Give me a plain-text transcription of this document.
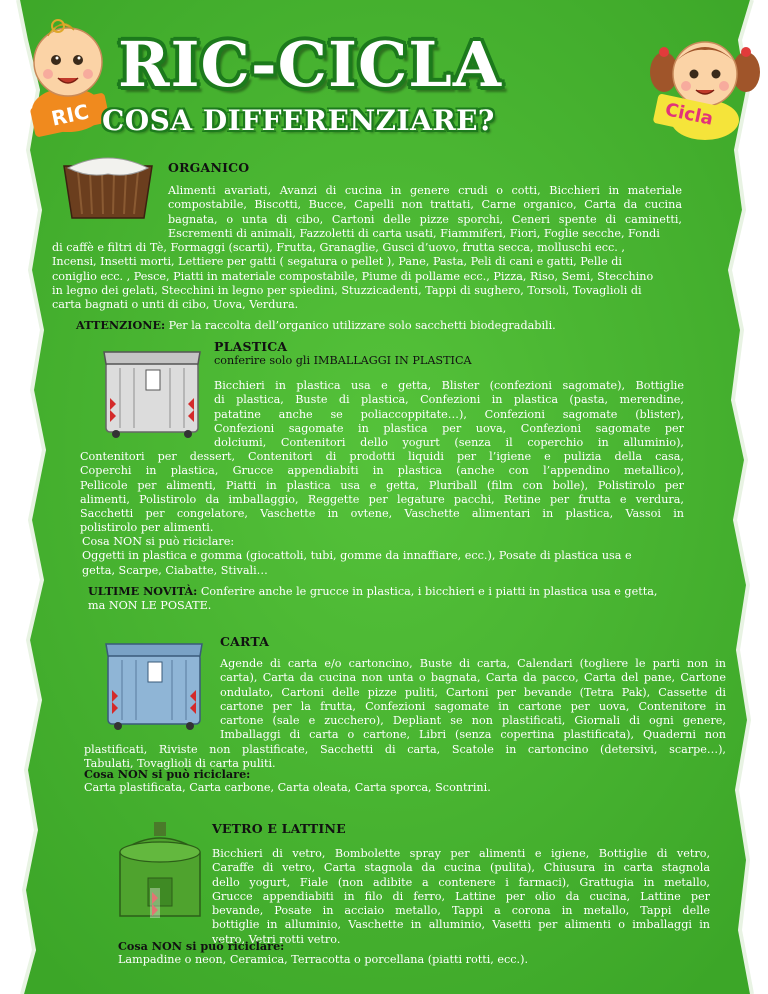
RIC	Cicla
RIC-CICLA
COSA DIFFERENZIARE?
ORGANICO
Alimenti avariati, Avanzi di cucina in genere crudi o cotti, Bicchieri in materiale
compostabile, Biscotti, Bucce, Capelli non trattati, Carne organico, Carta da cucina
bagnata, o unta di cibo, Cartoni delle pizze sporchi, Ceneri spente di caminetti,
Escrementi di animali, Fazzoletti di carta usati, Fiammiferi, Fiori, Foglie secche, Fondi
di caffè e filtri di Tè, Formaggi (scarti), Frutta, Granaglie, Gusci d’uovo, frutta secca, molluschi ecc. ,
Incensi, Insetti morti, Lettiere per gatti ( segatura o pellet ), Pane, Pasta, Peli di cani e gatti, Pelle di
coniglio ecc. , Pesce, Piatti in materiale compostabile, Piume di pollame ecc., Pizza, Riso, Semi, Stecchino
in legno dei gelati, Stecchini in legno per spiedini, Stuzzicadenti, Tappi di sughero, Torsoli, Tovaglioli di
carta bagnati o unti di cibo, Uova, Verdura.
ATTENZIONE: Per la raccolta dell’organico utilizzare solo sacchetti biodegradabili.
PLASTICA
conferire solo gli IMBALLAGGI IN PLASTICA
Bicchieri in plastica usa e getta, Blister (confezioni sagomate), Bottiglie
di plastica, Buste di plastica, Confezioni in plastica (pasta, merendine,
patatine anche se poliaccoppitate…), Confezioni sagomate (blister),
Confezioni sagomate in plastica per uova, Confezioni sagomate per
dolciumi, Contenitori dello yogurt (senza il coperchio in alluminio),
Contenitori per dessert, Contenitori di prodotti liquidi per l’igiene e pulizia della casa,
Coperchi in plastica, Grucce appendiabiti in plastica (anche con l’appendino metallico),
Pellicole per alimenti, Piatti in plastica usa e getta, Pluriball (film con bolle), Polistirolo per
alimenti, Polistirolo da imballaggio, Reggette per legature pacchi, Retine per frutta e verdura,
Sacchetti per congelatore, Vaschette in ovtene, Vaschette alimentari in plastica, Vassoi in
polistirolo per alimenti.
Cosa NON si può riciclare:
Oggetti in plastica e gomma (giocattoli, tubi, gomme da innaffiare, ecc.), Posate di plastica usa e
getta, Scarpe, Ciabatte, Stivali…
ULTIME NOVITÀ: Conferire anche le grucce in plastica, i bicchieri e i piatti in plastica usa e getta,
ma NON LE POSATE.
CARTA
Agende di carta e/o cartoncino, Buste di carta, Calendari (togliere le parti non in
carta), Carta da cucina non unta o bagnata, Carta da pacco, Carta del pane, Cartone
ondulato, Cartoni delle pizze puliti, Cartoni per bevande (Tetra Pak), Cassette di
cartone per la frutta, Confezioni sagomate in cartone per uova, Contenitore in
cartone (sale e zucchero), Depliant se non plastificati, Giornali di ogni genere,
Imballaggi di carta o cartone, Libri (senza copertina plastificata), Quaderni non
plastificati, Riviste non plastificate, Sacchetti di carta, Scatole in cartoncino (detersivi, scarpe…),
Tabulati, Tovaglioli di carta puliti.
Cosa NON si può riciclare:
Carta plastificata, Carta carbone, Carta oleata, Carta sporca, Scontrini.
VETRO E LATTINE
Bicchieri di vetro, Bombolette spray per alimenti e igiene, Bottiglie di vetro,
Caraffe di vetro, Carta stagnola da cucina (pulita), Chiusura in carta stagnola
dello yogurt, Fiale (non adibite a contenere i farmaci), Grattugia in metallo,
Grucce appendiabiti in filo di ferro, Lattine per olio da cucina, Lattine per
bevande, Posate in acciaio metallo, Tappi a corona in metallo, Tappi delle
bottiglie in alluminio, Vaschette in alluminio, Vasetti per alimenti o imballaggi in
vetro, Vetri rotti vetro.
Cosa NON si può riciclare:
Lampadine o neon, Ceramica, Terracotta o porcellana (piatti rotti, ecc.).
